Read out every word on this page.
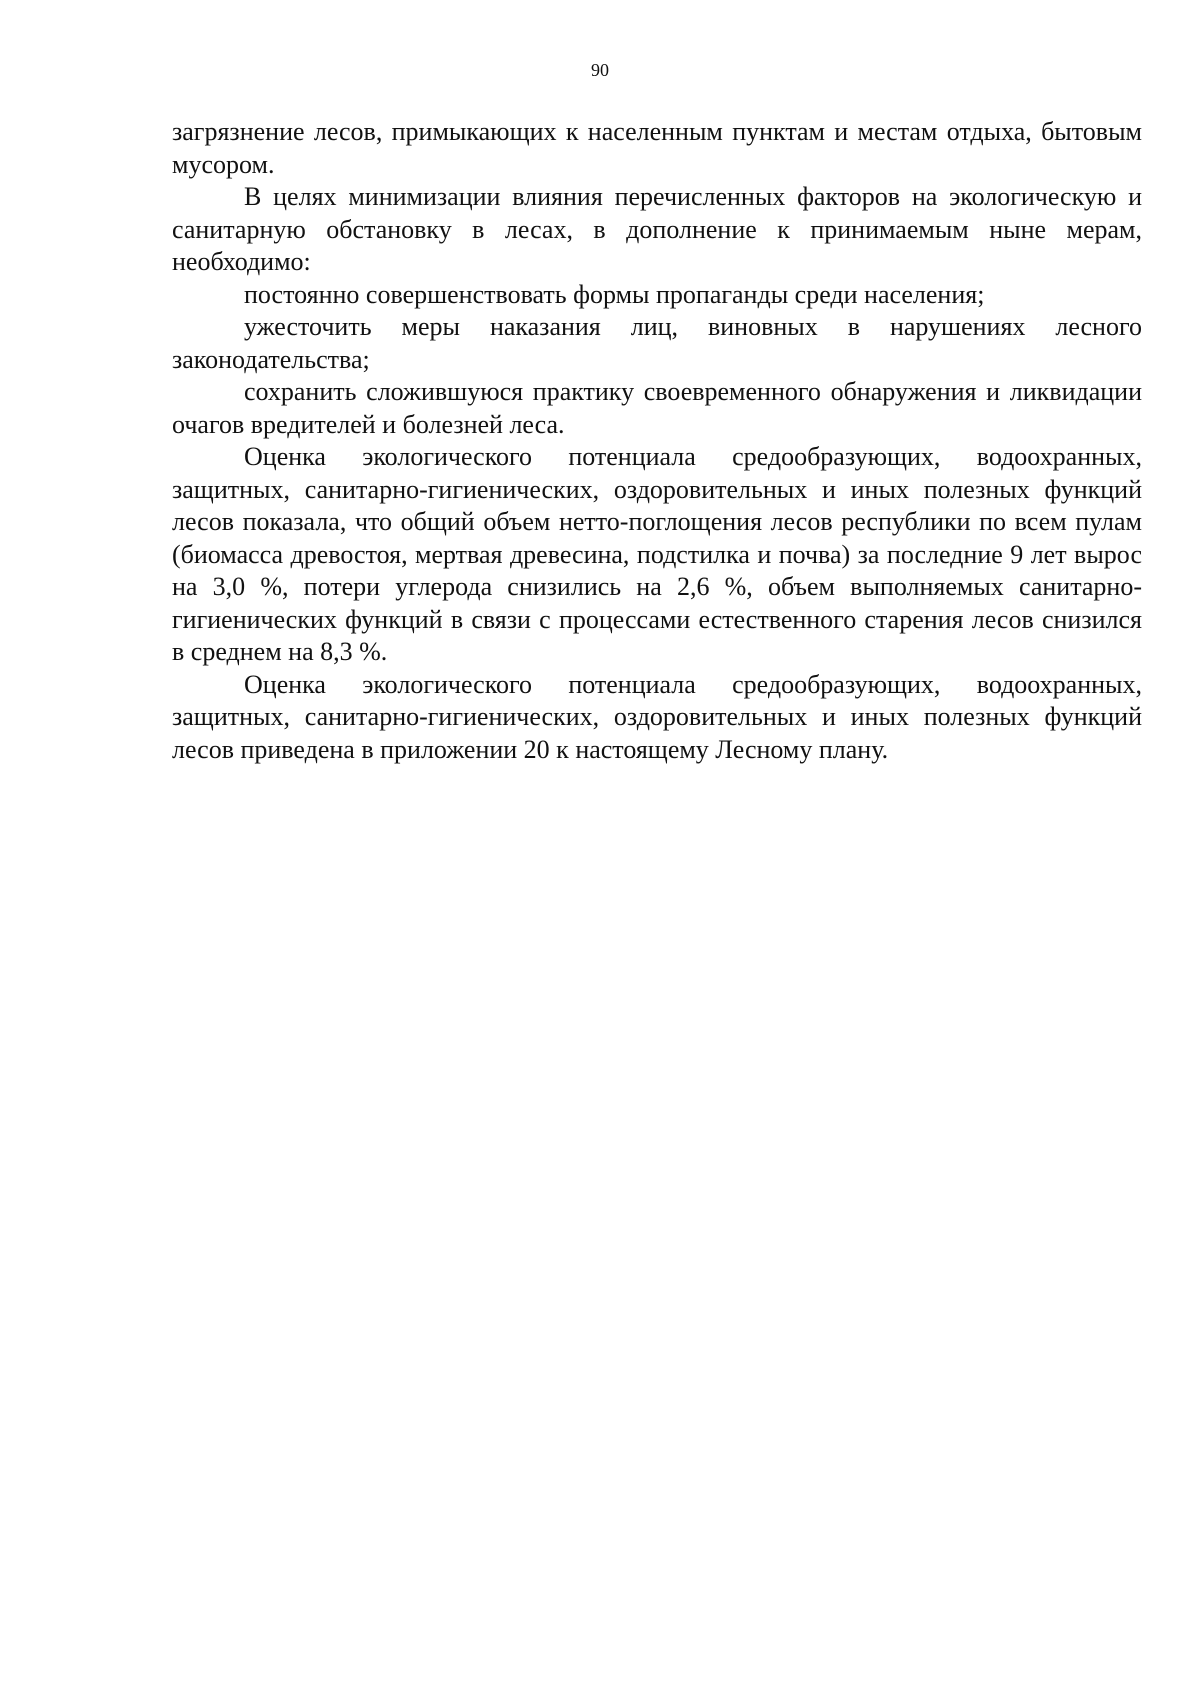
90

загрязнение лесов, примыкающих к населенным пунктам и местам отдыха, бытовым мусором.

В целях минимизации влияния перечисленных факторов на экологическую и санитарную обстановку в лесах, в дополнение к принимаемым ныне мерам, необходимо:

постоянно совершенствовать формы пропаганды среди населения;

ужесточить меры наказания лиц, виновных в нарушениях лесного законодательства;

сохранить сложившуюся практику своевременного обнаружения и ликвидации очагов вредителей и болезней леса.

Оценка экологического потенциала средообразующих, водоохранных, защитных, санитарно-гигиенических, оздоровительных и иных полезных функций лесов показала, что общий объем нетто-поглощения лесов республики по всем пулам (биомасса древостоя, мертвая древесина, подстилка и почва) за последние 9 лет вырос на 3,0 %, потери углерода снизились на 2,6 %, объем выполняемых санитарно-гигиенических функций в связи с процессами естественного старения лесов снизился в среднем на 8,3 %.

Оценка экологического потенциала средообразующих, водоохранных, защитных, санитарно-гигиенических, оздоровительных и иных полезных функций лесов приведена в приложении 20 к настоящему Лесному плану.
